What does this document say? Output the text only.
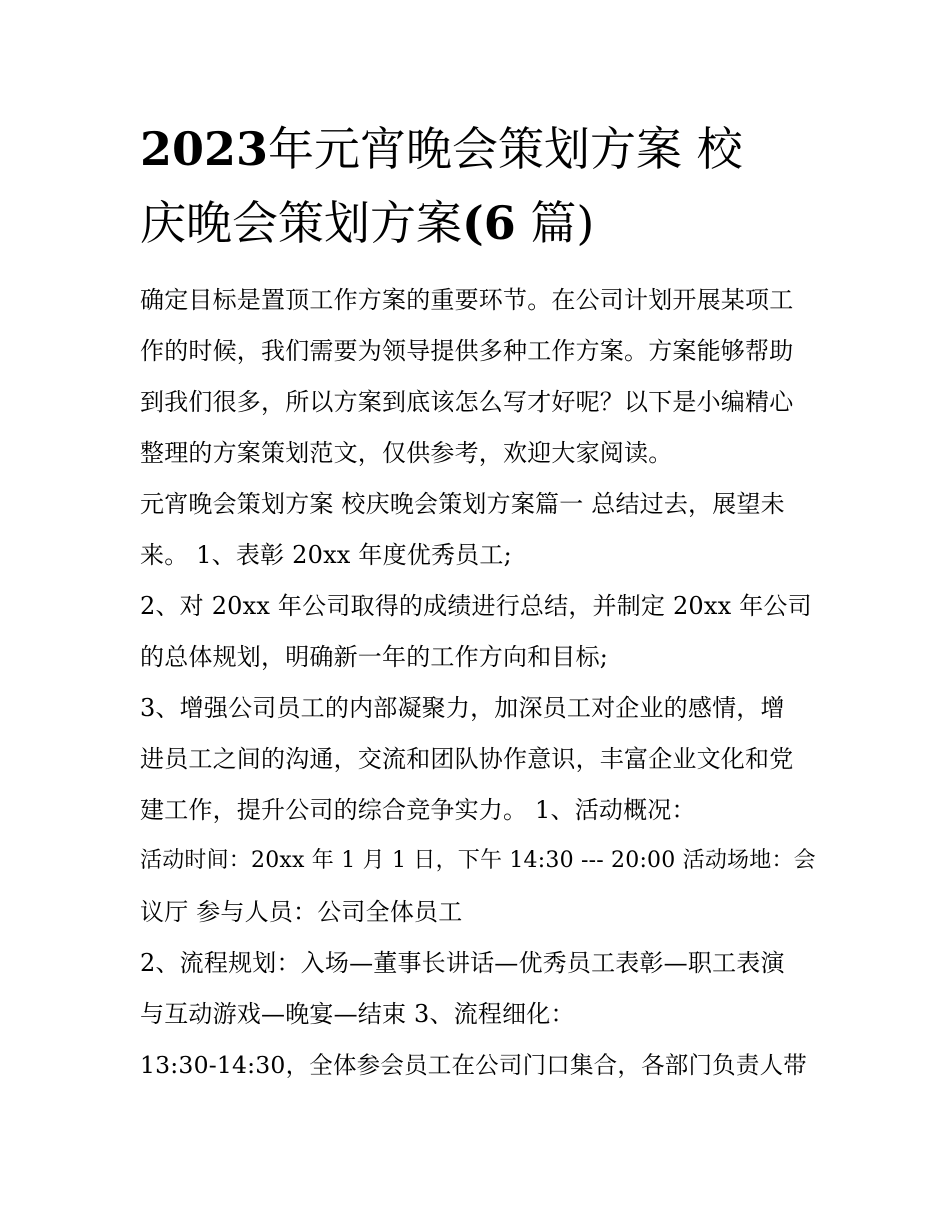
2023年元宵晚会策划方案 校
庆晚会策划方案(6 篇)

确定目标是置顶工作方案的重要环节。在公司计划开展某项工

作的时候，我们需要为领导提供多种工作方案。方案能够帮助

到我们很多，所以方案到底该怎么写才好呢？以下是小编精心

整理的方案策划范文，仅供参考，欢迎大家阅读。

元宵晚会策划方案 校庆晚会策划方案篇一 总结过去，展望未

来。 1、表彰 20xx 年度优秀员工;

2、对 20xx 年公司取得的成绩进行总结，并制定 20xx 年公司

的总体规划，明确新一年的工作方向和目标;

3、增强公司员工的内部凝聚力，加深员工对企业的感情，增

进员工之间的沟通，交流和团队协作意识，丰富企业文化和党

建工作，提升公司的综合竞争实力。 1、活动概况：

活动时间：20xx 年 1 月 1 日，下午 14:30 --- 20:00 活动场地：会

议厅 参与人员：公司全体员工

2、流程规划：入场—董事长讲话—优秀员工表彰—职工表演

与互动游戏—晚宴—结束 3、流程细化：

13:30-14:30，全体参会员工在公司门口集合，各部门负责人带
